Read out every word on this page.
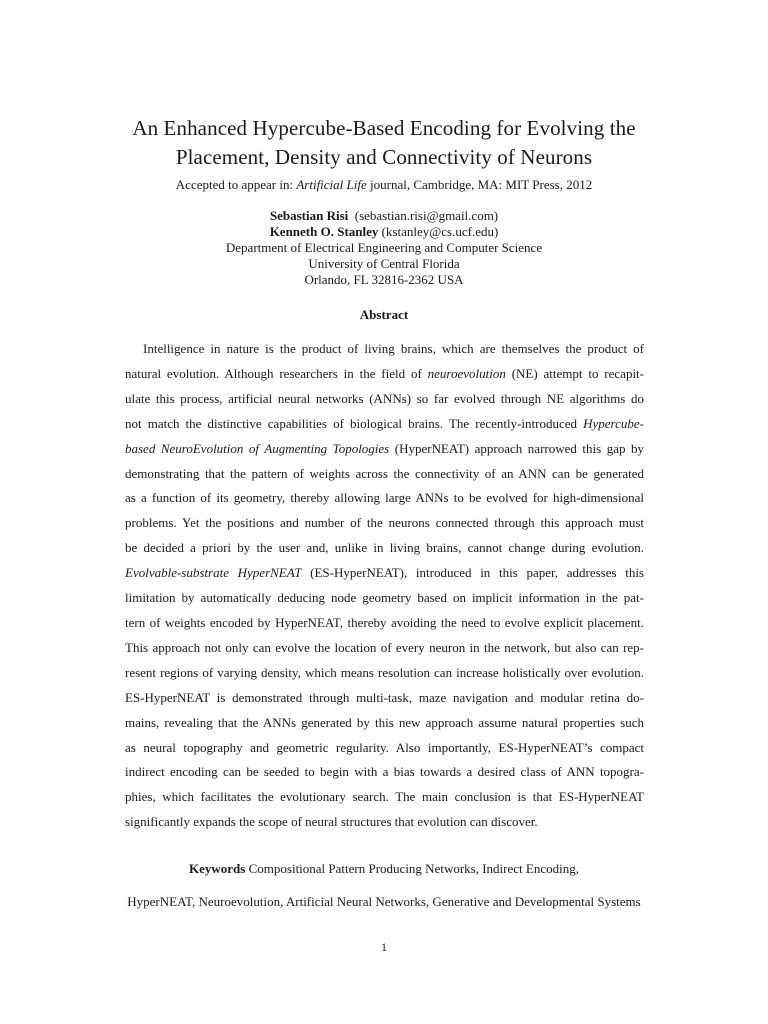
An Enhanced Hypercube-Based Encoding for Evolving the
Placement, Density and Connectivity of Neurons
Accepted to appear in: Artificial Life journal, Cambridge, MA: MIT Press, 2012
Sebastian Risi (sebastian.risi@gmail.com)
Kenneth O. Stanley (kstanley@cs.ucf.edu)
Department of Electrical Engineering and Computer Science
University of Central Florida
Orlando, FL 32816-2362 USA
Abstract
Intelligence in nature is the product of living brains, which are themselves the product of
natural evolution. Although researchers in the field of neuroevolution (NE) attempt to recapit-
ulate this process, artificial neural networks (ANNs) so far evolved through NE algorithms do
not match the distinctive capabilities of biological brains. The recently-introduced Hypercube-
based NeuroEvolution of Augmenting Topologies (HyperNEAT) approach narrowed this gap by
demonstrating that the pattern of weights across the connectivity of an ANN can be generated
as a function of its geometry, thereby allowing large ANNs to be evolved for high-dimensional
problems. Yet the positions and number of the neurons connected through this approach must
be decided a priori by the user and, unlike in living brains, cannot change during evolution.
Evolvable-substrate HyperNEAT (ES-HyperNEAT), introduced in this paper, addresses this
limitation by automatically deducing node geometry based on implicit information in the pat-
tern of weights encoded by HyperNEAT, thereby avoiding the need to evolve explicit placement.
This approach not only can evolve the location of every neuron in the network, but also can rep-
resent regions of varying density, which means resolution can increase holistically over evolution.
ES-HyperNEAT is demonstrated through multi-task, maze navigation and modular retina do-
mains, revealing that the ANNs generated by this new approach assume natural properties such
as neural topography and geometric regularity. Also importantly, ES-HyperNEAT’s compact
indirect encoding can be seeded to begin with a bias towards a desired class of ANN topogra-
phies, which facilitates the evolutionary search. The main conclusion is that ES-HyperNEAT
significantly expands the scope of neural structures that evolution can discover.
Keywords Compositional Pattern Producing Networks, Indirect Encoding,
HyperNEAT, Neuroevolution, Artificial Neural Networks, Generative and Developmental Systems
1
